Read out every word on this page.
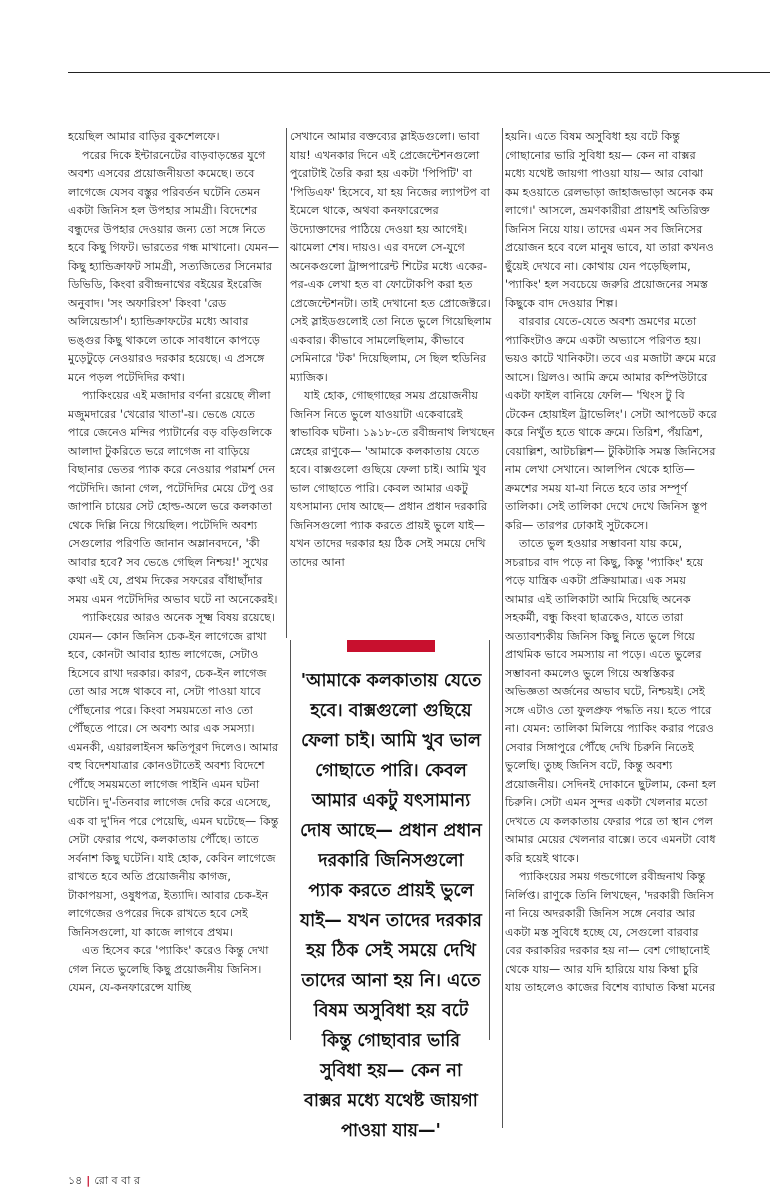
হয়েছিল আমার বাড়ির বুকশেলফে।

পরের দিকে ইন্টারনেটের বাড়বাড়ন্তের যুগে অবশ্য এসবের প্রয়োজনীয়তা কমেছে। তবে লাগেজে যেসব বস্তুর পরিবর্তন ঘটেনি তেমন একটা জিনিস হল উপহার সামগ্রী। বিদেশের বন্ধুদের উপহার দেওয়ার জন্য তো সঙ্গে নিতে হবে কিছু গিফট। ভারতের গন্ধ মাখানো। যেমন— কিছু হ্যান্ডিক্রাফট সামগ্রী, সত্যজিতের সিনেমার ডিভিডি, কিংবা রবীন্দ্রনাথের বইয়ের ইংরেজি অনুবাদ। 'সং অফারিংস' কিংবা 'রেড অলিয়েন্ডার্স'। হ্যান্ডিক্রাফটের মধ্যে আবার ভঙ্গুর কিছু থাকলে তাকে সাবধানে কাপড়ে মুড়েটুড়ে নেওয়ারও দরকার হয়েছে। এ প্রসঙ্গে মনে পড়ল পটেদিদির কথা।

প্যাকিংয়ের এই মজাদার বর্ণনা রয়েছে লীলা মজুমদারের 'খেরোর খাতা'-য়। ভেঙে যেতে পারে জেনেও মন্দির প্যাটার্নের বড় বড়িগুলিকে আলাদা টুকরিতে ভরে লাগেজ না বাড়িয়ে বিছানার ভেতর প্যাক করে নেওয়ার পরামর্শ দেন পটেদিদি। জানা গেল, পটেদিদির মেয়ে টেপু ওর জাপানি চায়ের সেট হোল্ড-অলে ভরে কলকাতা থেকে দিল্লি নিয়ে গিয়েছিল। পটেদিদি অবশ্য সেগুলোর পরিণতি জানান অম্লানবদনে, 'কী আবার হবে? সব ভেঙে গেছিল নিশ্চয়!' সুখের কথা এই যে, প্রথম দিকের সফরের বাঁধাছাঁদার সময় এমন পটেদিদির অভাব ঘটে না অনেকেরই।

প্যাকিংয়ের আরও অনেক সূক্ষ্ম বিষয় রয়েছে। যেমন— কোন জিনিস চেক-ইন লাগেজে রাখা হবে, কোনটা আবার হ্যান্ড লাগেজে, সেটাও হিসেবে রাখা দরকার। কারণ, চেক-ইন লাগেজ তো আর সঙ্গে থাকবে না, সেটা পাওয়া যাবে পৌঁছনোর পরে। কিংবা সময়মতো নাও তো পৌঁছতে পারে। সে অবশ্য আর এক সমস্যা। এমনকী, এয়ারলাইনস ক্ষতিপূরণ দিলেও। আমার বহু বিদেশযাত্রার কোনওটাতেই অবশ্য বিদেশে পৌঁছে সময়মতো লাগেজ পাইনি এমন ঘটনা ঘটেনি। দু'-তিনবার লাগেজ দেরি করে এসেছে, এক বা দু'দিন পরে পেয়েছি, এমন ঘটেছে— কিন্তু সেটা ফেরার পথে, কলকাতায় পৌঁছে। তাতে সর্বনাশ কিছু ঘটেনি। যাই হোক, কেবিন লাগেজে রাখতে হবে অতি প্রয়োজনীয় কাগজ, টাকাপয়সা, ওষুধপত্র, ইত্যাদি। আবার চেক-ইন লাগেজের ওপরের দিকে রাখতে হবে সেই জিনিসগুলো, যা কাজে লাগবে প্রথম।

এত হিসেব করে 'প্যাকিং' করেও কিন্তু দেখা গেল নিতে ভুলেছি কিছু প্রয়োজনীয় জিনিস। যেমন, যে-কনফারেন্সে যাচ্ছি

সেখানে আমার বক্তব্যের স্লাইডগুলো। ভাবা যায়! এখনকার দিনে এই প্রেজেন্টেশনগুলো পুরোটাই তৈরি করা হয় একটা 'পিপিটি' বা 'পিডিএফ' হিসেবে, যা হয় নিজের ল্যাপটপ বা ইমেলে থাকে, অথবা কনফারেন্সের উদ্যোক্তাদের পাঠিয়ে দেওয়া হয় আগেই। ঝামেলা শেষ। দায়ও। এর বদলে সে-যুগে অনেকগুলো ট্রান্সপারেন্ট শিটের মধ্যে একের-পর-এক লেখা হত বা ফোটোকপি করা হত প্রেজেন্টেশনটা। তাই দেখানো হত প্রোজেক্টরে। সেই স্লাইডগুলোই তো নিতে ভুলে গিয়েছিলাম একবার। কীভাবে সামলেছিলাম, কীভাবে সেমিনারে 'টক' দিয়েছিলাম, সে ছিল হুডিনির ম্যাজিক।

যাই হোক, গোছগাছের সময় প্রয়োজনীয় জিনিস নিতে ভুলে যাওয়াটা একেবারেই স্বাভাবিক ঘটনা। ১৯১৮-তে রবীন্দ্রনাথ লিখছেন স্নেহের রাণুকে— 'আমাকে কলকাতায় যেতে হবে। বাক্সগুলো গুছিয়ে ফেলা চাই। আমি খুব ভাল গোছাতে পারি। কেবল আমার একটু যৎসামান্য দোষ আছে— প্রধান প্রধান দরকারি জিনিসগুলো প্যাক করতে প্রায়ই ভুলে যাই— যখন তাদের দরকার হয় ঠিক সেই সময়ে দেখি তাদের আনা

'আমাকে কলকাতায় যেতে হবে। বাক্সগুলো গুছিয়ে ফেলা চাই। আমি খুব ভাল গোছাতে পারি। কেবল আমার একটু যৎসামান্য দোষ আছে— প্রধান প্রধান দরকারি জিনিসগুলো প্যাক করতে প্রায়ই ভুলে যাই— যখন তাদের দরকার হয় ঠিক সেই সময়ে দেখি তাদের আনা হয় নি। এতে বিষম অসুবিধা হয় বটে কিন্তু গোছাবার ভারি সুবিধা হয়— কেন না বাক্সর মধ্যে যথেষ্ট জায়গা পাওয়া যায়—'

হয়নি। এতে বিষম অসুবিধা হয় বটে কিন্তু গোছানোর ভারি সুবিধা হয়— কেন না বাক্সর মধ্যে যথেষ্ট জায়গা পাওয়া যায়— আর বোঝা কম হওয়াতে রেলভাড়া জাহাজভাড়া অনেক কম লাগে।' আসলে, ভ্রমণকারীরা প্রায়শই অতিরিক্ত জিনিস নিয়ে যায়। তাদের এমন সব জিনিসের প্রয়োজন হবে বলে মানুষ ভাবে, যা তারা কখনও ছুঁয়েই দেখবে না। কোথায় যেন পড়েছিলাম, 'প্যাকিং' হল সবচেয়ে জরুরি প্রয়োজনের সমস্ত কিছুকে বাদ দেওয়ার শিল্প।

বারবার যেতে-যেতে অবশ্য ভ্রমণের মতো প্যাকিংটাও ক্রমে একটা অভ্যাসে পরিণত হয়। ভয়ও কাটে খানিকটা। তবে এর মজাটা ক্রমে মরে আসে। থ্রিলও। আমি ক্রমে আমার কম্পিউটারে একটা ফাইল বানিয়ে ফেলি— 'থিংস টু বি টেকেন হোয়াইল ট্রাভেলিং'। সেটা আপডেট করে করে নিখুঁত হতে থাকে ক্রমে। তিরিশ, পঁয়ত্রিশ, বেয়াল্লিশ, আটচল্লিশ— টুকিটাকি সমস্ত জিনিসের নাম লেখা সেখানে। আলপিন থেকে হাতি— ক্রমশের সময় যা-যা নিতে হবে তার সম্পূর্ণ তালিকা। সেই তালিকা দেখে দেখে জিনিস স্তূপ করি— তারপর ঢোকাই সুটকেসে।

তাতে ভুল হওয়ার সম্ভাবনা যায় কমে, সচরাচর বাদ পড়ে না কিছু, কিন্তু 'প্যাকিং' হয়ে পড়ে যান্ত্রিক একটা প্রক্রিয়ামাত্র। এক সময় আমার এই তালিকাটা আমি দিয়েছি অনেক সহকর্মী, বন্ধু কিংবা ছাত্রকেও, যাতে তারা অত্যাবশ্যকীয় জিনিস কিছু নিতে ভুলে গিয়ে প্রাথমিক ভাবে সমস্যায় না পড়ে। এতে ভুলের সম্ভাবনা কমলেও ভুলে গিয়ে অস্বস্তিকর অভিজ্ঞতা অর্জনের অভাব ঘটে, নিশ্চয়ই। সেই সঙ্গে এটাও তো ফুলপ্রুফ পদ্ধতি নয়। হতে পারে না। যেমন: তালিকা মিলিয়ে প্যাকিং করার পরেও সেবার সিঙ্গাপুরে পৌঁছে দেখি চিরুনি নিতেই ভুলেছি। তুচ্ছ জিনিস বটে, কিন্তু অবশ্য প্রয়োজনীয়। সেদিনই দোকানে ছুটলাম, কেনা হল চিরুনি। সেটা এমন সুন্দর একটা খেলনার মতো দেখতে যে কলকাতায় ফেরার পরে তা স্থান পেল আমার মেয়ের খেলনার বাক্সে। তবে এমনটা বোধ করি হয়েই থাকে।

প্যাকিংয়ের সময় গন্ডগোলে রবীন্দ্রনাথ কিন্তু নির্লিপ্ত। রাণুকে তিনি লিখছেন, 'দরকারী জিনিস না নিয়ে অদরকারী জিনিস সঙ্গে নেবার আর একটা মস্ত সুবিধে হচ্ছে যে, সেগুলো বারবার বের করাকরির দরকার হয় না— বেশ গোছানোই থেকে যায়— আর যদি হারিয়ে যায় কিম্বা চুরি যায় তাহলেও কাজের বিশেষ ব্যাঘাত কিম্বা মনের

১৪ | রো ব বা র
